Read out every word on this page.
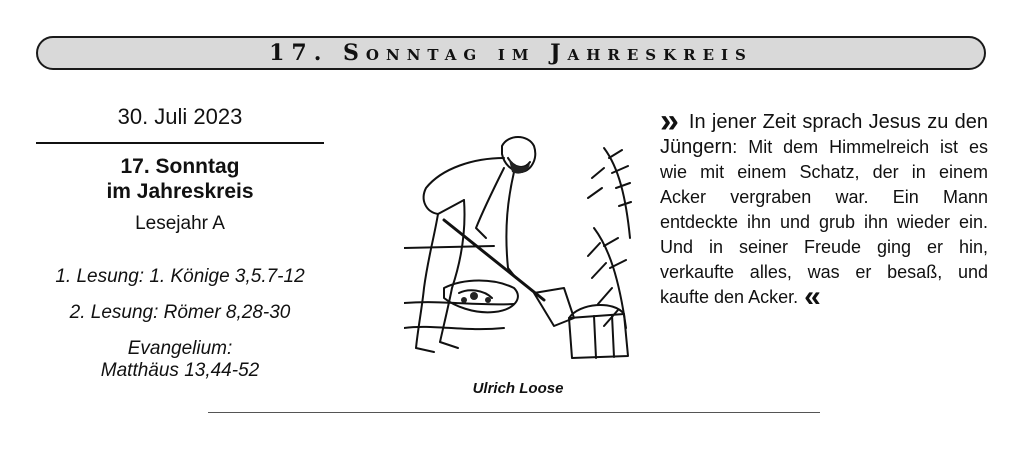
17. Sonntag im Jahreskreis

30. Juli 2023

17. Sonntag

im Jahreskreis

Lesejahr A

1. Lesung: 1. Könige 3,5.7-12

2. Lesung: Römer 8,28-30

Evangelium:

Matthäus 13,44-52

Ulrich Loose

» In jener Zeit sprach Jesus zu den Jüngern: Mit dem Himmelreich ist es wie mit einem Schatz, der in einem Acker vergraben war. Ein Mann entdeckte ihn und grub ihn wieder ein. Und in seiner Freude ging er hin, verkaufte alles, was er besaß, und kaufte den Acker. «
